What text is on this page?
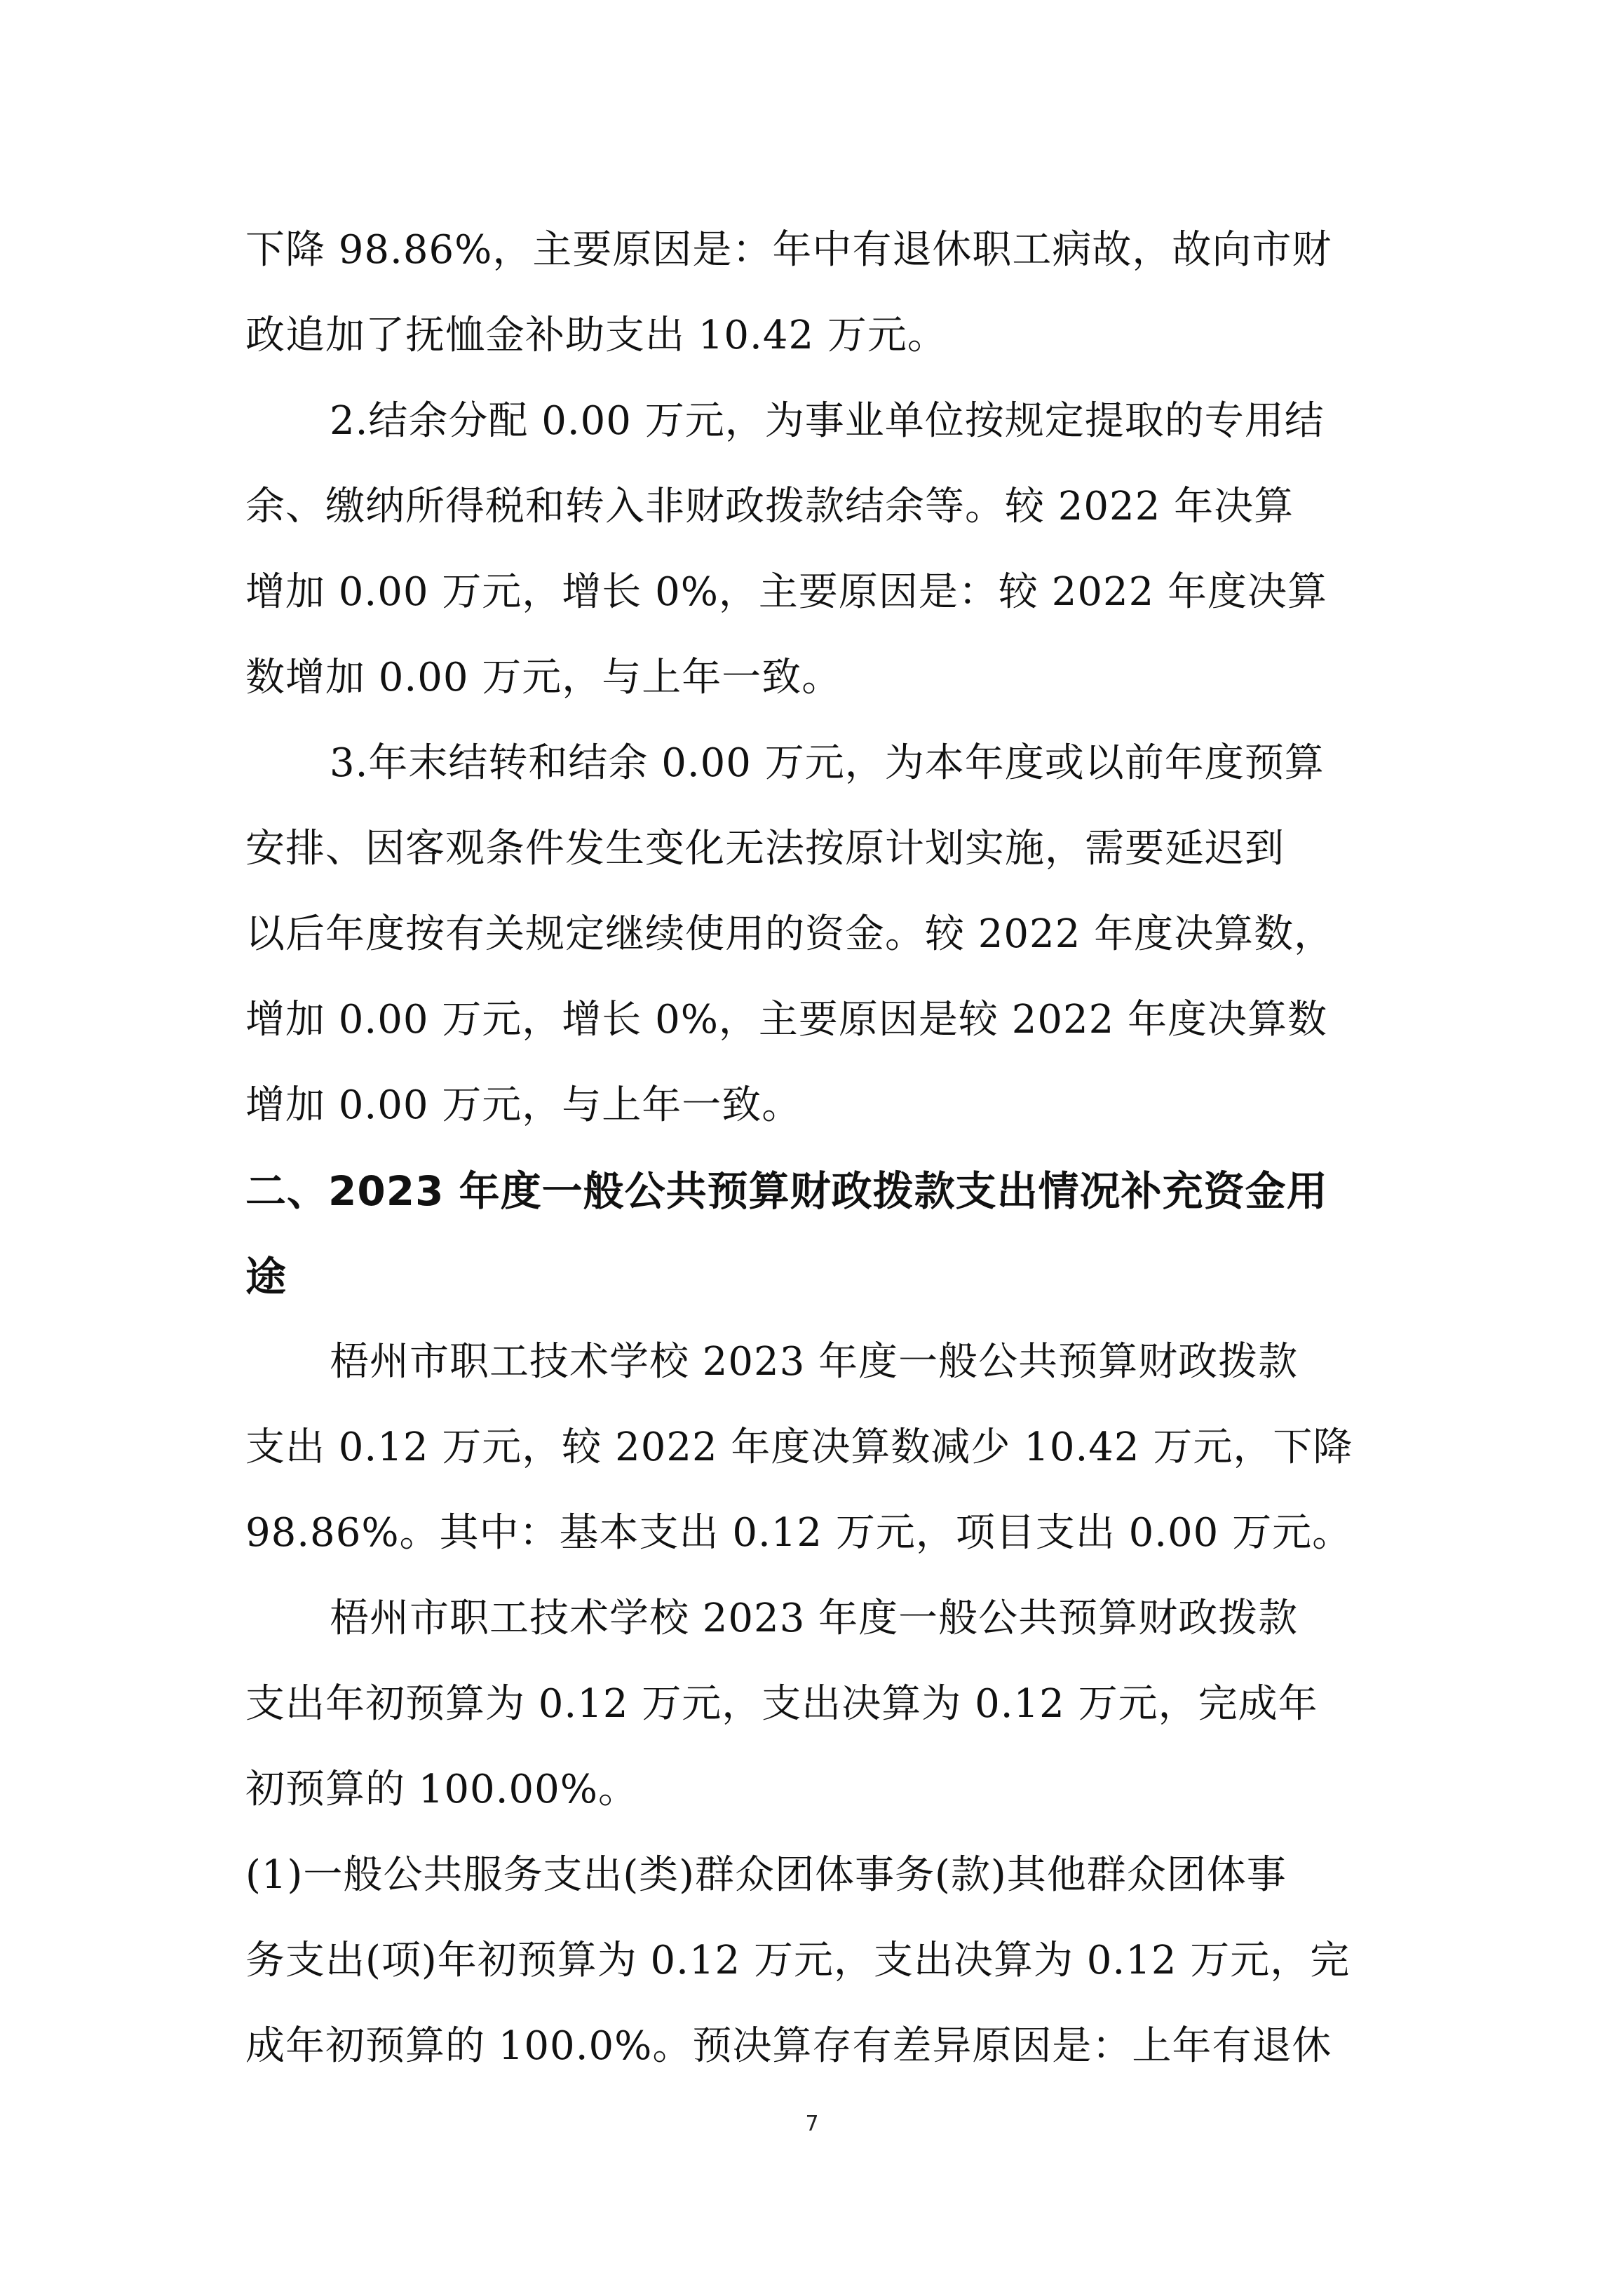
下降 98.86%，主要原因是：年中有退休职工病故，故向市财
政追加了抚恤金补助支出 10.42 万元。
2.结余分配 0.00 万元，为事业单位按规定提取的专用结
余、缴纳所得税和转入非财政拨款结余等。较 2022 年决算
增加 0.00 万元，增长 0%，主要原因是：较 2022 年度决算
数增加 0.00 万元，与上年一致。
3.年末结转和结余 0.00 万元，为本年度或以前年度预算
安排、因客观条件发生变化无法按原计划实施，需要延迟到
以后年度按有关规定继续使用的资金。较 2022 年度决算数，
增加 0.00 万元，增长 0%，主要原因是较 2022 年度决算数
增加 0.00 万元，与上年一致。
二、2023 年度一般公共预算财政拨款支出情况补充资金用
途
梧州市职工技术学校 2023 年度一般公共预算财政拨款
支出 0.12 万元，较 2022 年度决算数减少 10.42 万元，下降
98.86%。其中：基本支出 0.12 万元，项目支出 0.00 万元。
梧州市职工技术学校 2023 年度一般公共预算财政拨款
支出年初预算为 0.12 万元，支出决算为 0.12 万元，完成年
初预算的 100.00%。
(1)一般公共服务支出(类)群众团体事务(款)其他群众团体事
务支出(项)年初预算为 0.12 万元，支出决算为 0.12 万元，完
成年初预算的 100.0%。预决算存有差异原因是：上年有退休
7
